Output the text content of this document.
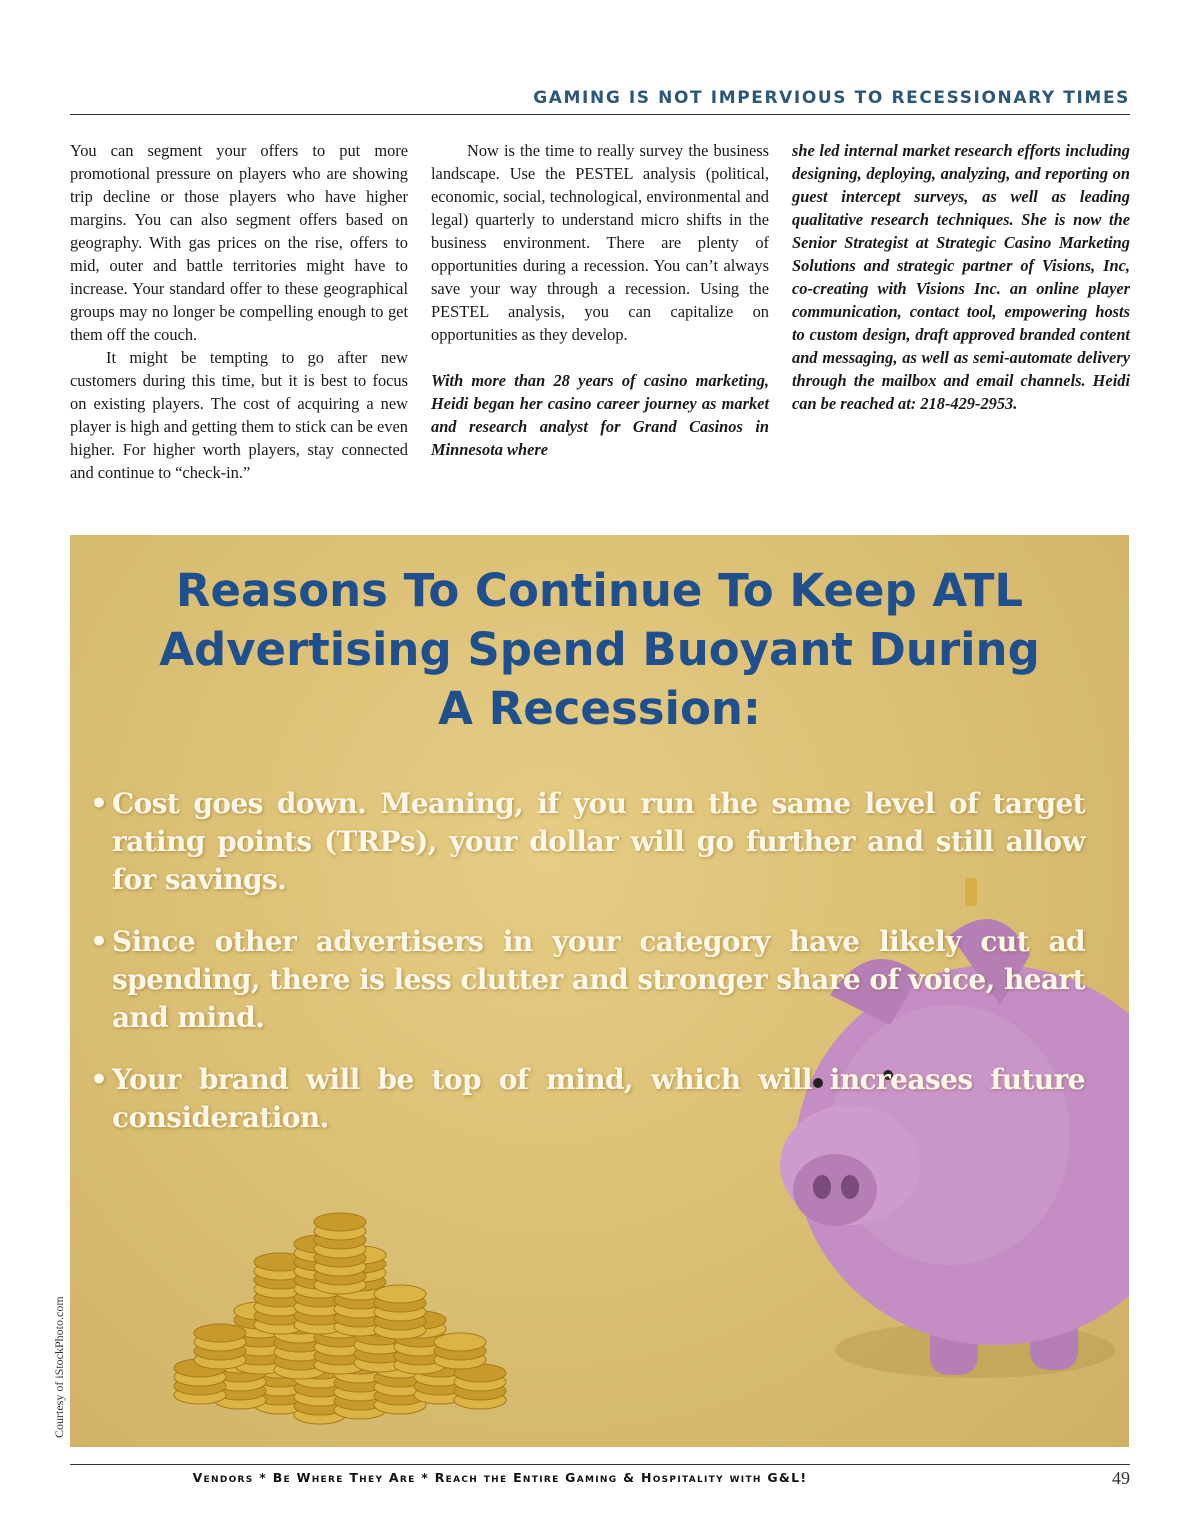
GAMING IS NOT IMPERVIOUS TO RECESSIONARY TIMES

You can segment your offers to put more promotional pressure on players who are showing trip decline or those players who have higher margins. You can also segment offers based on geography. With gas prices on the rise, offers to mid, outer and battle territories might have to increase. Your standard offer to these geographical groups may no longer be compelling enough to get them off the couch.

It might be tempting to go after new customers during this time, but it is best to focus on existing players. The cost of acquiring a new player is high and getting them to stick can be even higher. For higher worth players, stay connected and continue to “check-in.”

Now is the time to really survey the business landscape. Use the PESTEL analysis (political, economic, social, technological, environmental and legal) quarterly to understand micro shifts in the business environment. There are plenty of opportunities during a recession. You can’t always save your way through a recession. Using the PESTEL analysis, you can capitalize on opportunities as they develop.

With more than 28 years of casino marketing, Heidi began her casino career journey as market and research analyst for Grand Casinos in Minnesota where

she led internal market research efforts including designing, deploying, analyzing, and reporting on guest intercept surveys, as well as leading qualitative research techniques. She is now the Senior Strategist at Strategic Casino Marketing Solutions and strategic partner of Visions, Inc, co-creating with Visions Inc. an online player communication, contact tool, empowering hosts to custom design, draft approved branded content and messaging, as well as semi-automate delivery through the mailbox and email channels. Heidi can be reached at: 218-429-2953.

Reasons To Continue To Keep ATL
Advertising Spend Buoyant During
A Recession:
• Cost goes down. Meaning, if you run the same level of target rating points (TRPs), your dollar will go further and still allow for savings.
• Since other advertisers in your category have likely cut ad spending, there is less clutter and stronger share of voice, heart and mind.
• Your brand will be top of mind, which will increases future consideration.
Courtesy of iStockPhoto.com
Vendors * Be Where They Are * Reach the Entire Gaming & Hospitality with G&L!	49
